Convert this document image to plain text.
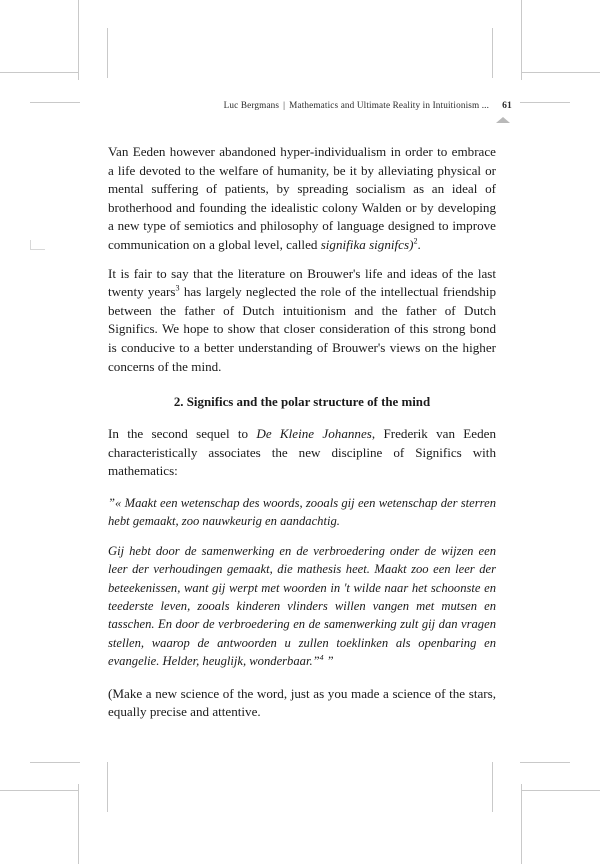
Luc Bergmans | Mathematics and Ultimate Reality in Intuitionism ... 61

Van Eeden however abandoned hyper-individualism in order to embrace a life devoted to the welfare of humanity, be it by alleviating physical or mental suffering of patients, by spreading socialism as an ideal of brotherhood and founding the idealistic colony Walden or by developing a new type of semiotics and philosophy of language designed to improve communication on a global level, called signifika signifcs)$^2$.

It is fair to say that the literature on Brouwer's life and ideas of the last twenty years$^3$ has largely neglected the role of the intellectual friendship between the father of Dutch intuitionism and the father of Dutch Significs. We hope to show that closer consideration of this strong bond is conducive to a better understanding of Brouwer's views on the higher concerns of the mind.

2. Significs and the polar structure of the mind

In the second sequel to De Kleine Johannes, Frederik van Eeden characteristically associates the new discipline of Significs with mathematics:

”« Maakt een wetenschap des woords, zooals gij een wetenschap der sterren hebt gemaakt, zoo nauwkeurig en aandachtig.

Gij hebt door de samenwerking en de verbroedering onder de wijzen een leer der verhoudingen gemaakt, die mathesis heet. Maakt zoo een leer der beteekenissen, want gij werpt met woorden in 't wilde naar het schoonste en teederste leven, zooals kinderen vlinders willen vangen met mutsen en tasschen. En door de verbroedering en de samenwerking zult gij dan vragen stellen, waarop de antwoorden u zullen toeklinken als openbaring en evangelie. Helder, heuglijk, wonderbaar.”$^4$ ”

(Make a new science of the word, just as you made a science of the stars, equally precise and attentive.
